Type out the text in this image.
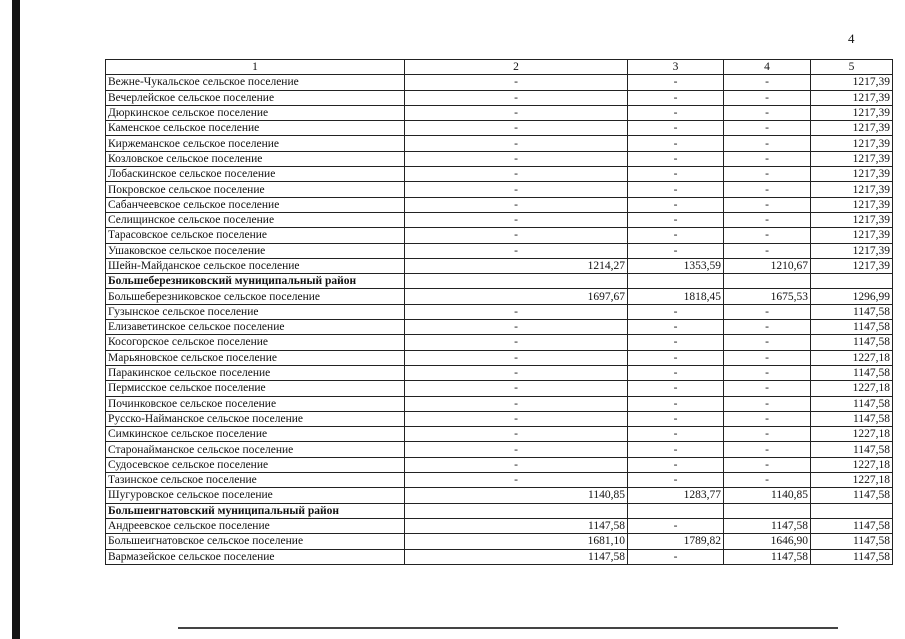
4
1	2	3	4	5
Вежне-Чукальское сельское поселение	-	-	-	1217,39
Вечерлейское сельское поселение	-	-	-	1217,39
Дюркинское сельское поселение	-	-	-	1217,39
Каменское сельское поселение	-	-	-	1217,39
Киржеманское сельское поселение	-	-	-	1217,39
Козловское сельское поселение	-	-	-	1217,39
Лобаскинское сельское поселение	-	-	-	1217,39
Покровское сельское поселение	-	-	-	1217,39
Сабанчеевское сельское поселение	-	-	-	1217,39
Селищинское сельское поселение	-	-	-	1217,39
Тарасовское сельское поселение	-	-	-	1217,39
Ушаковское сельское поселение	-	-	-	1217,39
Шейн-Майданское сельское поселение	1214,27	1353,59	1210,67	1217,39
Большеберезниковский муниципальный район				
Большеберезниковское сельское поселение	1697,67	1818,45	1675,53	1296,99
Гузынское сельское поселение	-	-	-	1147,58
Елизаветинское сельское поселение	-	-	-	1147,58
Косогорское сельское поселение	-	-	-	1147,58
Марьяновское сельское поселение	-	-	-	1227,18
Паракинское сельское поселение	-	-	-	1147,58
Пермисское сельское поселение	-	-	-	1227,18
Починковское сельское поселение	-	-	-	1147,58
Русско-Найманское сельское поселение	-	-	-	1147,58
Симкинское сельское поселение	-	-	-	1227,18
Старонайманское сельское поселение	-	-	-	1147,58
Судосевское сельское поселение	-	-	-	1227,18
Тазинское сельское поселение	-	-	-	1227,18
Шугуровское сельское поселение	1140,85	1283,77	1140,85	1147,58
Большеигнатовский муниципальный район				
Андреевское сельское поселение	1147,58	-	1147,58	1147,58
Большеигнатовское сельское поселение	1681,10	1789,82	1646,90	1147,58
Вармазейское сельское поселение	1147,58	-	1147,58	1147,58
